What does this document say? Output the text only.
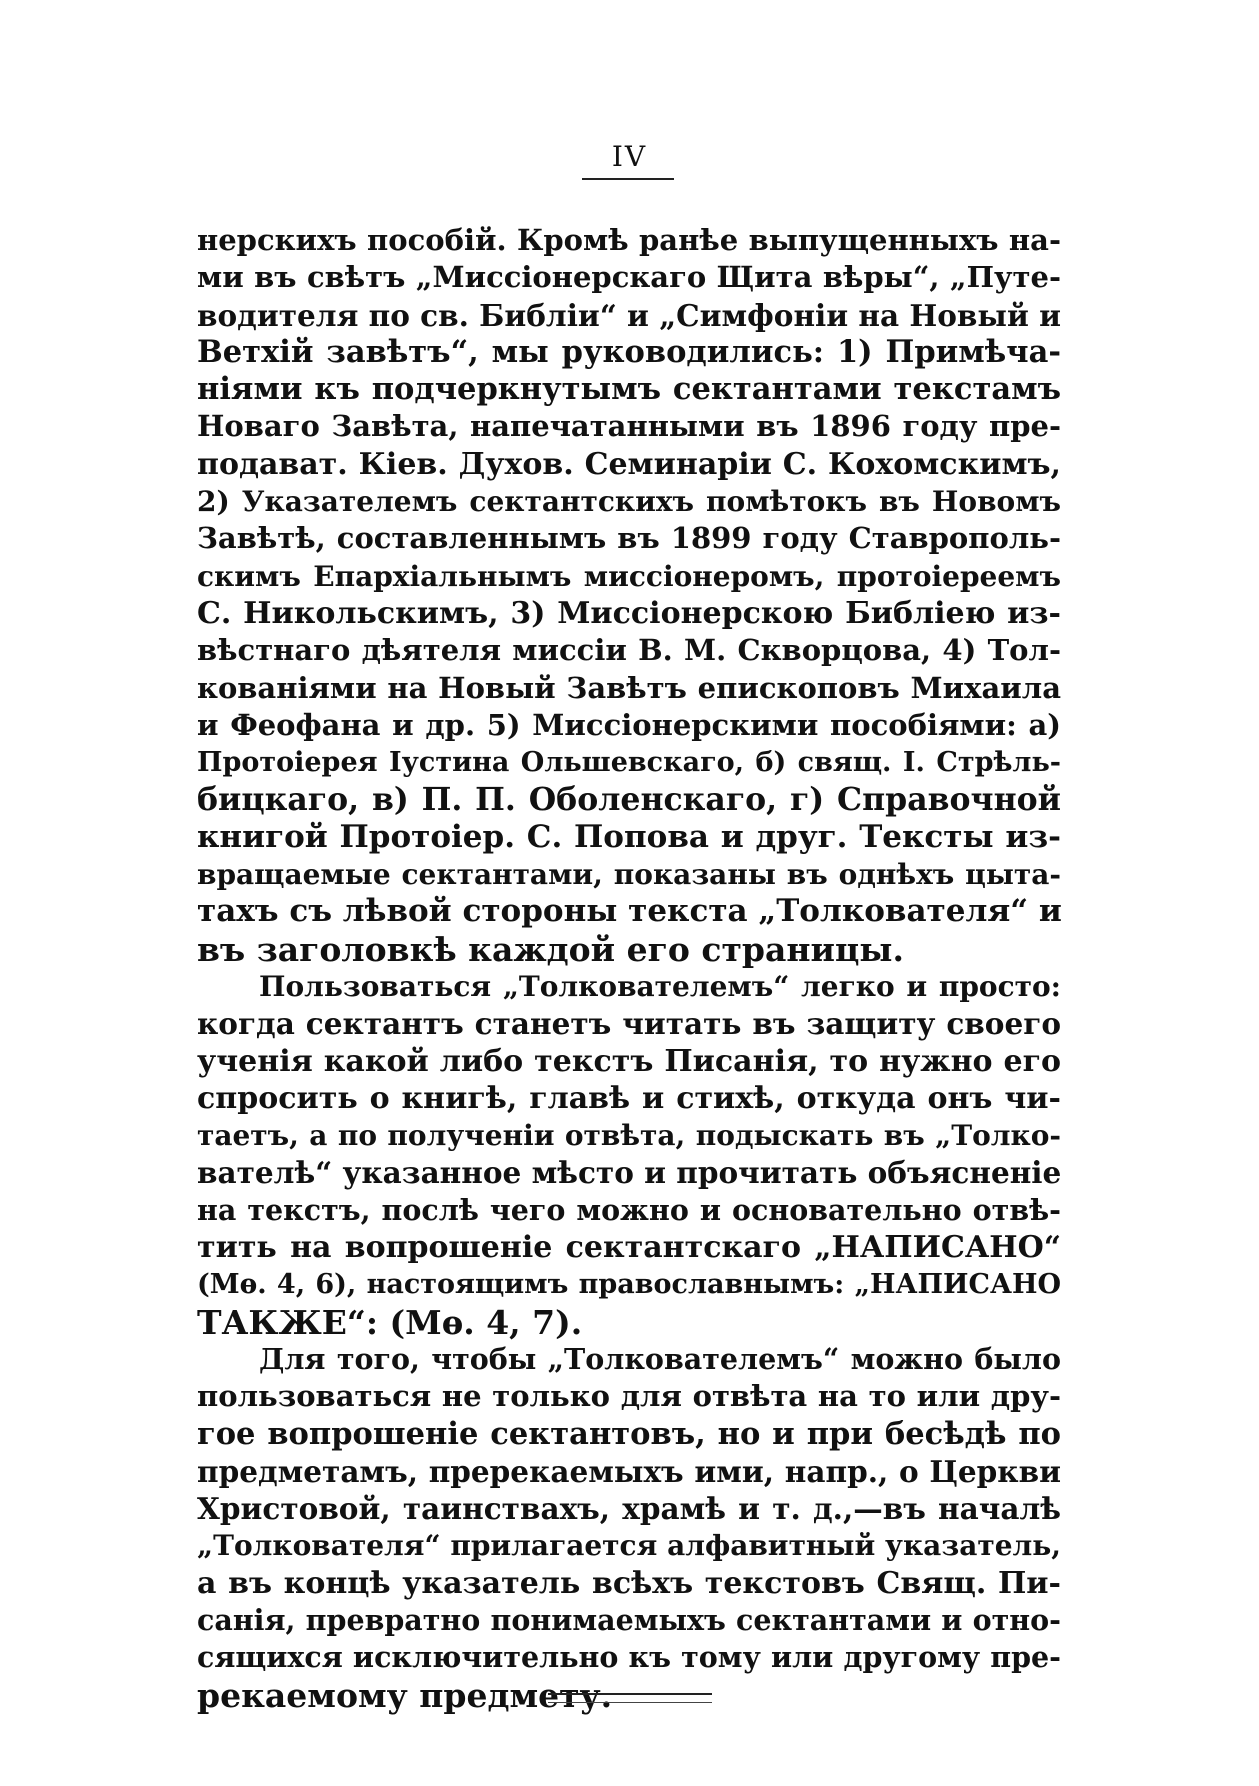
IV
нерскихъ пособій. Кромѣ ранѣе выпущенныхъ на-
ми въ свѣтъ „Миссіонерскаго Щита вѣры“, „Путе-
водителя по св. Библіи“ и „Симфоніи на Новый и
Ветхій завѣтъ“, мы руководились: 1) Примѣча-
ніями къ подчеркнутымъ сектантами текстамъ
Новаго Завѣта, напечатанными въ 1896 году пре-
подават. Кіев. Духов. Семинаріи С. Кохомскимъ,
2) Указателемъ сектантскихъ помѣтокъ въ Новомъ
Завѣтѣ, составленнымъ въ 1899 году Ставрополь-
скимъ Епархіальнымъ миссіонеромъ, протоіереемъ
С. Никольскимъ, 3) Миссіонерскою Библіею из-
вѣстнаго дѣятеля миссіи В. М. Скворцова, 4) Тол-
кованіями на Новый Завѣтъ епископовъ Михаила
и Феофана и др. 5) Миссіонерскими пособіями: а)
Протоіерея Іустина Ольшевскаго, б) свящ. І. Стрѣль-
бицкаго, в) П. П. Оболенскаго, г) Справочной
книгой Протоіер. С. Попова и друг. Тексты из-
вращаемые сектантами, показаны въ однѣхъ цыта-
тахъ съ лѣвой стороны текста „Толкователя“ и
въ заголовкѣ каждой его страницы.
Пользоваться „Толкователемъ“ легко и просто:
когда сектантъ станетъ читать въ защиту своего
ученія какой либо текстъ Писанія, то нужно его
спросить о книгѣ, главѣ и стихѣ, откуда онъ чи-
таетъ, а по полученіи отвѣта, подыскать въ „Толко-
вателѣ“ указанное мѣсто и прочитать объясненіе
на текстъ, послѣ чего можно и основательно отвѣ-
тить на вопрошеніе сектантскаго „НАПИСАНО“
(Мѳ. 4, 6), настоящимъ православнымъ: „НАПИСАНО
ТАКЖЕ“: (Мѳ. 4, 7).
Для того, чтобы „Толкователемъ“ можно было
пользоваться не только для отвѣта на то или дру-
гое вопрошеніе сектантовъ, но и при бесѣдѣ по
предметамъ, пререкаемыхъ ими, напр., о Церкви
Христовой, таинствахъ, храмѣ и т. д.,—въ началѣ
„Толкователя“ прилагается алфавитный указатель,
а въ концѣ указатель всѣхъ текстовъ Свящ. Пи-
санія, превратно понимаемыхъ сектантами и отно-
сящихся исключительно къ тому или другому пре-
рекаемому предмету.
